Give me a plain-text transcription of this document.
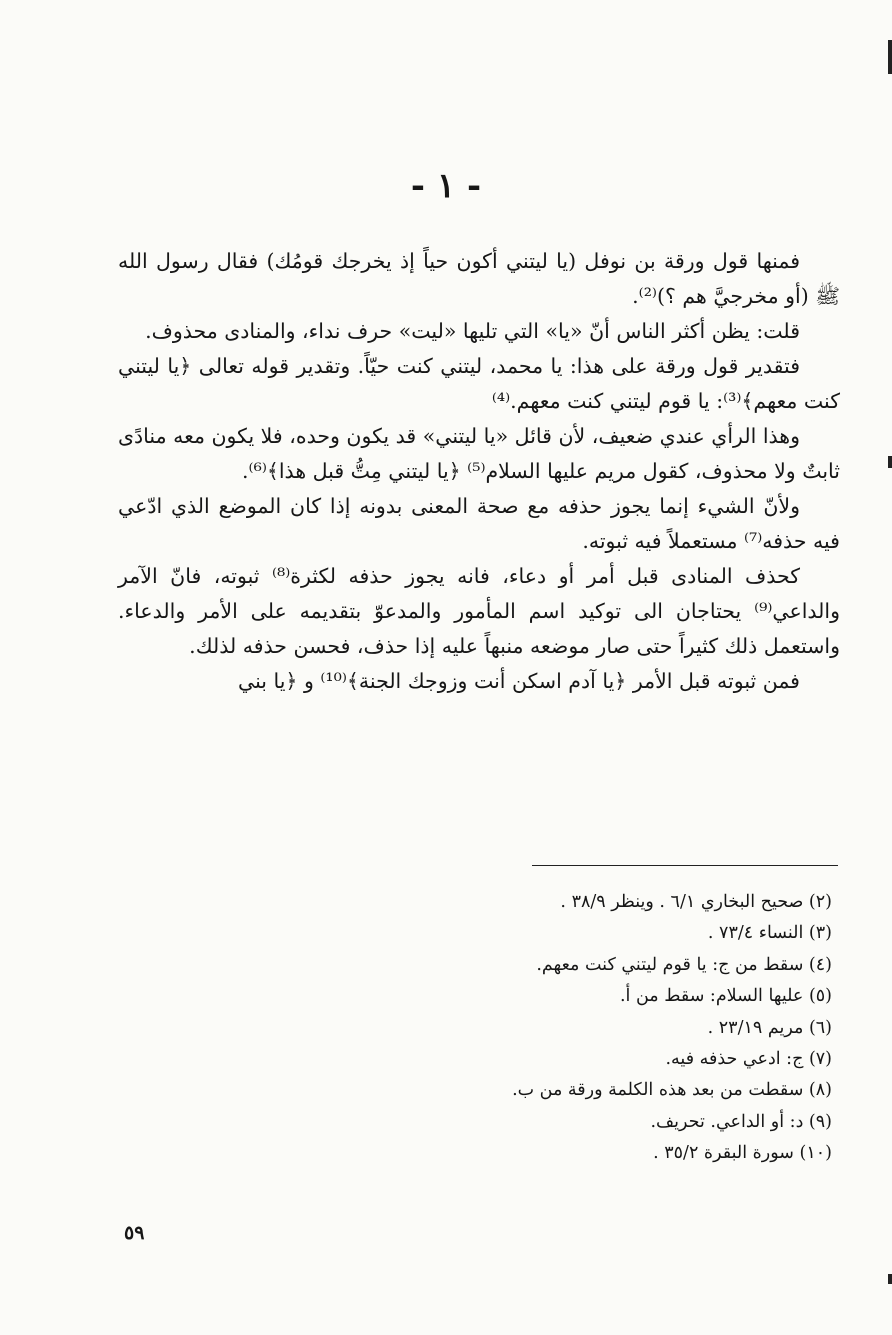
- ١ -

فمنها قول ورقة بن نوفل (يا ليتني أكون حياً إذ يخرجك قومُك) فقال رسول الله ﷺ (أو مخرجيَّ هم ؟)⁽²⁾.

قلت: يظن أكثر الناس أنّ «يا» التي تليها «ليت» حرف نداء، والمنادى محذوف.

فتقدير قول ورقة على هذا: يا محمد، ليتني كنت حيّاً. وتقدير قوله تعالى ﴿يا ليتني كنت معهم﴾⁽³⁾: يا قوم ليتني كنت معهم.⁽⁴⁾

وهذا الرأي عندي ضعيف، لأن قائل «يا ليتني» قد يكون وحده، فلا يكون معه منادًى ثابتٌ ولا محذوف، كقول مريم عليها السلام⁽⁵⁾ ﴿يا ليتني مِتُّ قبل هذا﴾⁽⁶⁾.

ولأنّ الشيء إنما يجوز حذفه مع صحة المعنى بدونه إذا كان الموضع الذي ادّعي فيه حذفه⁽⁷⁾ مستعملاً فيه ثبوته.

كحذف المنادى قبل أمر أو دعاء، فانه يجوز حذفه لكثرة⁽⁸⁾ ثبوته، فانّ الآمر والداعي⁽⁹⁾ يحتاجان الى توكيد اسم المأمور والمدعوّ بتقديمه على الأمر والدعاء. واستعمل ذلك كثيراً حتى صار موضعه منبهاً عليه إذا حذف، فحسن حذفه لذلك.

فمن ثبوته قبل الأمر ﴿يا آدم اسكن أنت وزوجك الجنة﴾⁽¹⁰⁾ و ﴿يا بني

(٢) صحيح البخاري ٦/١ . وينظر ٣٨/٩ .
(٣) النساء ٧٣/٤ .
(٤) سقط من ج: يا قوم ليتني كنت معهم.
(٥) عليها السلام: سقط من أ.
(٦) مريم ٢٣/١٩ .
(٧) ج: ادعي حذفه فيه.
(٨) سقطت من بعد هذه الكلمة ورقة من ب.
(٩) د: أو الداعي. تحريف.
(١٠) سورة البقرة ٣٥/٢ .
٥٩
